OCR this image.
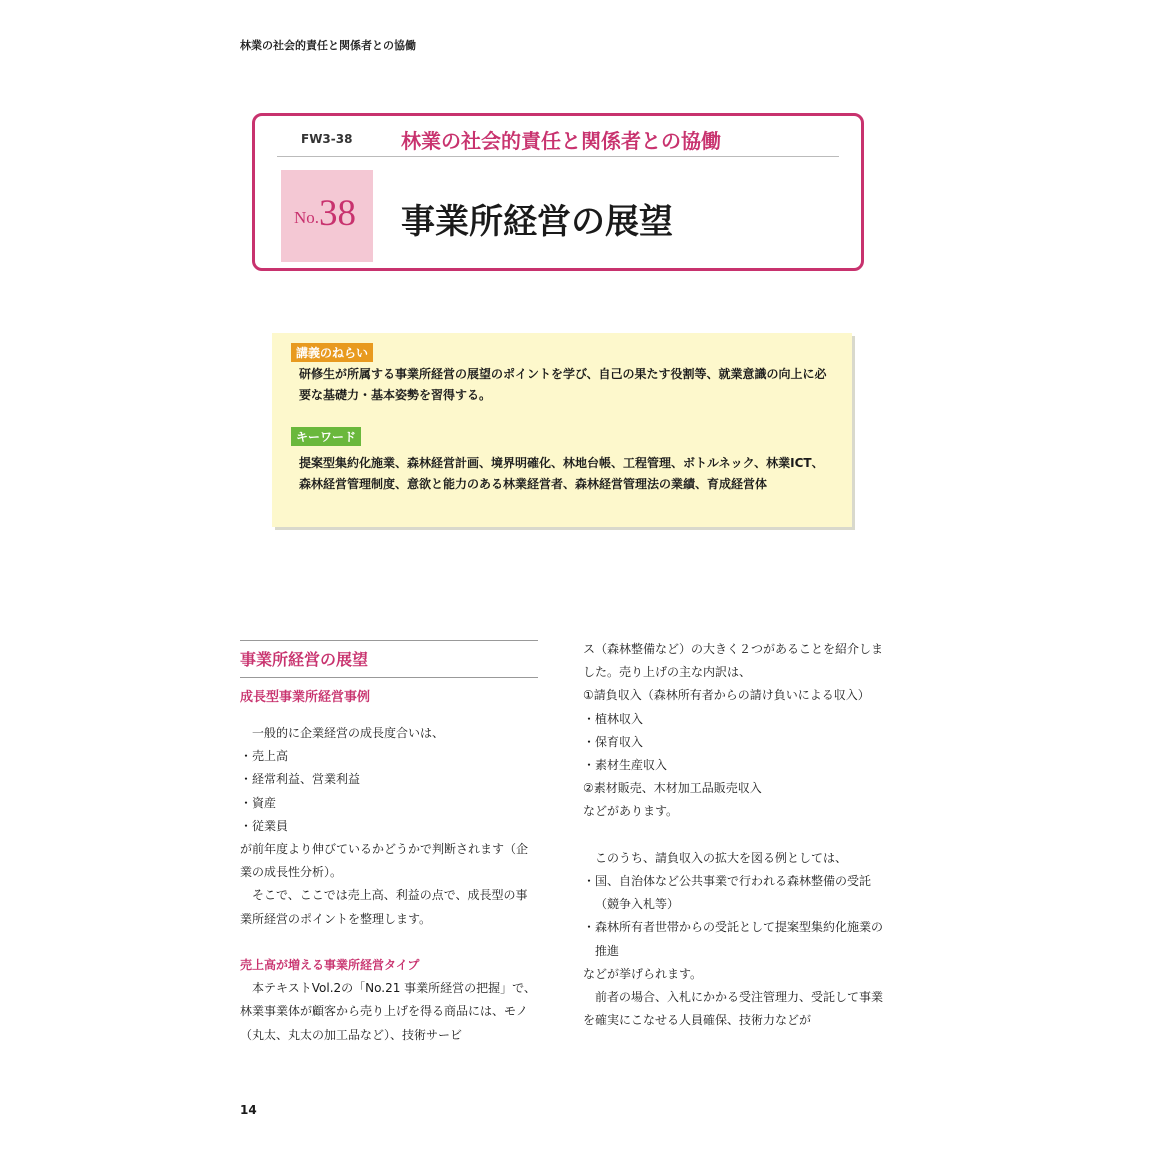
林業の社会的責任と関係者との協働
FW3-38 林業の社会的責任と関係者との協働
No. 38 事業所経営の展望
講義のねらい
研修生が所属する事業所経営の展望のポイントを学び、自己の果たす役割等、就業意識の向上に必要な基礎力・基本姿勢を習得する。
キーワード
提案型集約化施業、森林経営計画、境界明確化、林地台帳、工程管理、ボトルネック、林業ICT、森林経営管理制度、意欲と能力のある林業経営者、森林経営管理法の業績、育成経営体
事業所経営の展望
成長型事業所経営事例

一般的に企業経営の成長度合いは、

・売上高

・経常利益、営業利益

・資産

・従業員

が前年度より伸びているかどうかで判断されます（企業の成長性分析）。

そこで、ここでは売上高、利益の点で、成長型の事業所経営のポイントを整理します。

売上高が増える事業所経営タイプ

本テキストVol.2の「No.21 事業所経営の把握」で、林業事業体が顧客から売り上げを得る商品には、モノ（丸太、丸太の加工品など）、技術サービ

ス（森林整備など）の大きく２つがあることを紹介しました。売り上げの主な内訳は、

①請負収入（森林所有者からの請け負いによる収入）

・植林収入

・保育収入

・素材生産収入

②素材販売、木材加工品販売収入

などがあります。

このうち、請負収入の拡大を図る例としては、

・国、自治体など公共事業で行われる森林整備の受託（競争入札等）

・森林所有者世帯からの受託として提案型集約化施業の推進

などが挙げられます。

前者の場合、入札にかかる受注管理力、受託して事業を確実にこなせる人員確保、技術力などが

14
